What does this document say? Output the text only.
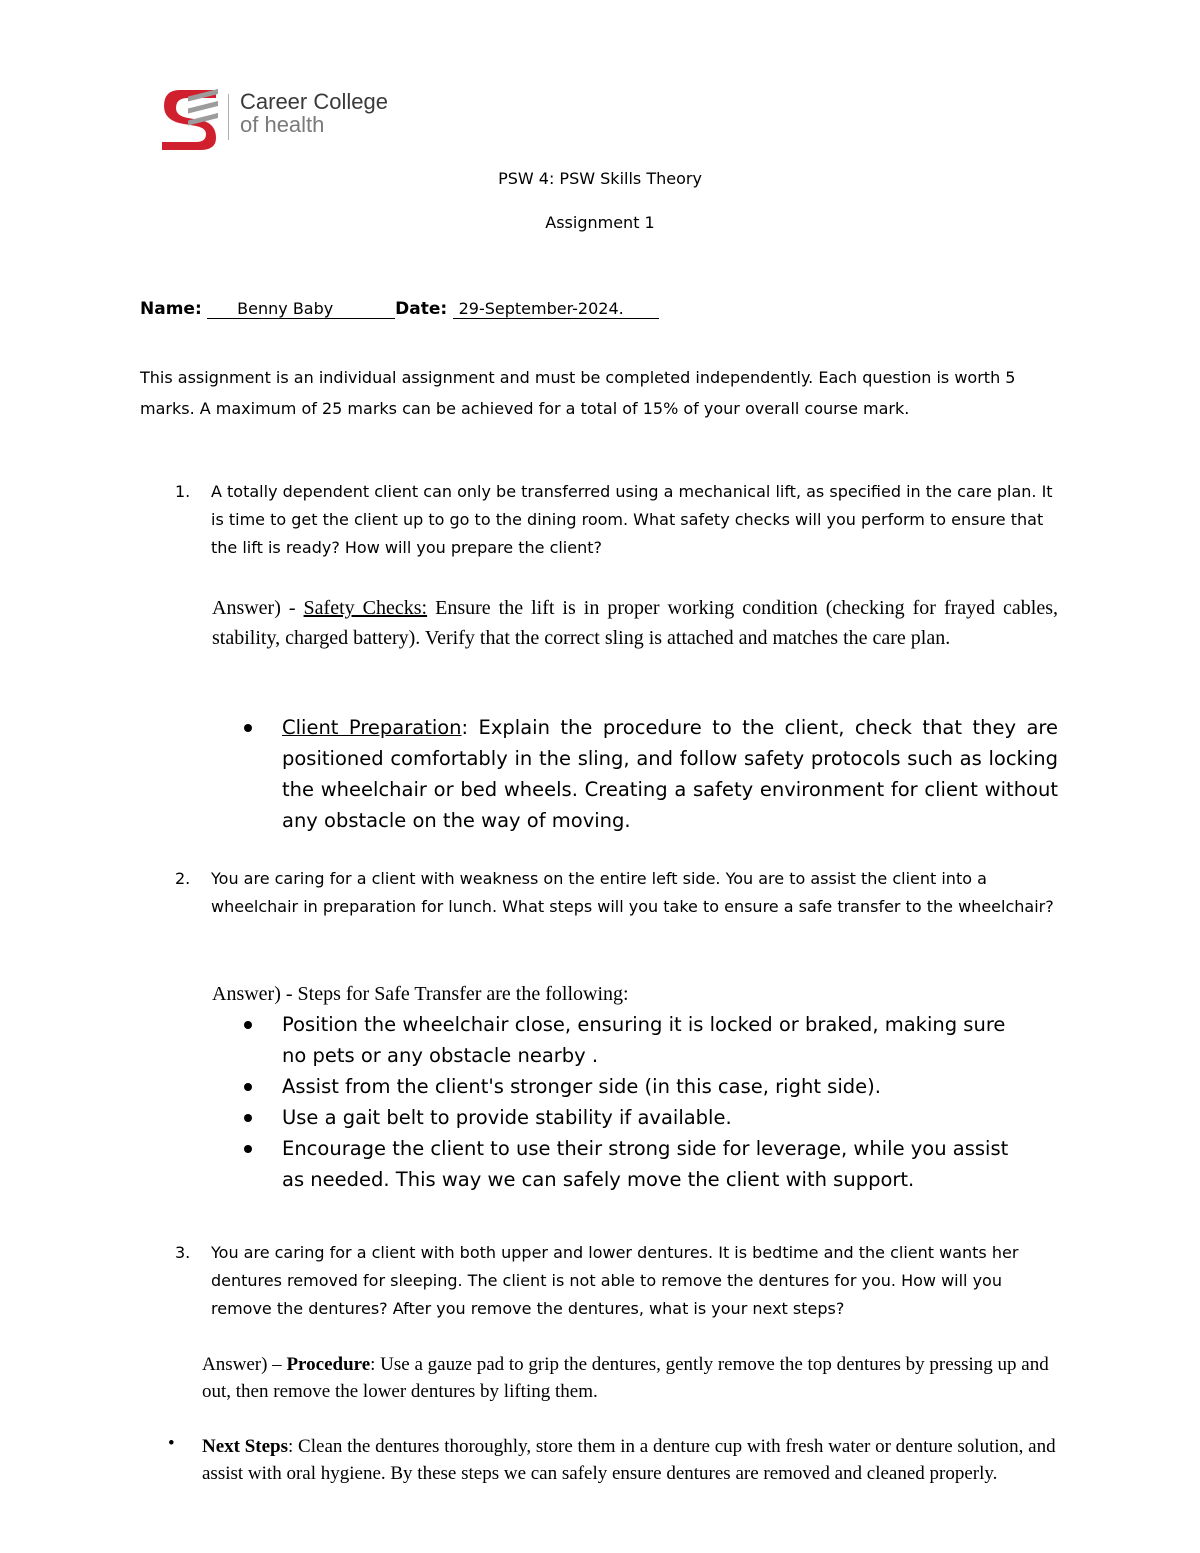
Career College
of health
PSW 4: PSW Skills Theory
Assignment 1
Name: Benny Baby	Date: 29-September-2024.
This assignment is an individual assignment and must be completed independently. Each question is worth 5 marks. A maximum of 25 marks can be achieved for a total of 15% of your overall course mark.
1. A totally dependent client can only be transferred using a mechanical lift, as specified in the care plan. It is time to get the client up to go to the dining room. What safety checks will you perform to ensure that the lift is ready? How will you prepare the client?
Answer) - Safety Checks: Ensure the lift is in proper working condition (checking for frayed cables, stability, charged battery). Verify that the correct sling is attached and matches the care plan.
Client Preparation: Explain the procedure to the client, check that they are positioned comfortably in the sling, and follow safety protocols such as locking the wheelchair or bed wheels. Creating a safety environment for client without any obstacle on the way of moving.
2. You are caring for a client with weakness on the entire left side. You are to assist the client into a wheelchair in preparation for lunch. What steps will you take to ensure a safe transfer to the wheelchair?
Answer) - Steps for Safe Transfer are the following:
Position the wheelchair close, ensuring it is locked or braked, making sure no pets or any obstacle nearby .
Assist from the client's stronger side (in this case, right side).
Use a gait belt to provide stability if available.
Encourage the client to use their strong side for leverage, while you assist as needed. This way we can safely move the client with support.
3. You are caring for a client with both upper and lower dentures. It is bedtime and the client wants her dentures removed for sleeping. The client is not able to remove the dentures for you. How will you remove the dentures? After you remove the dentures, what is your next steps?
Answer) – Procedure: Use a gauze pad to grip the dentures, gently remove the top dentures by pressing up and out, then remove the lower dentures by lifting them.
• Next Steps: Clean the dentures thoroughly, store them in a denture cup with fresh water or denture solution, and assist with oral hygiene. By these steps we can safely ensure dentures are removed and cleaned properly.
